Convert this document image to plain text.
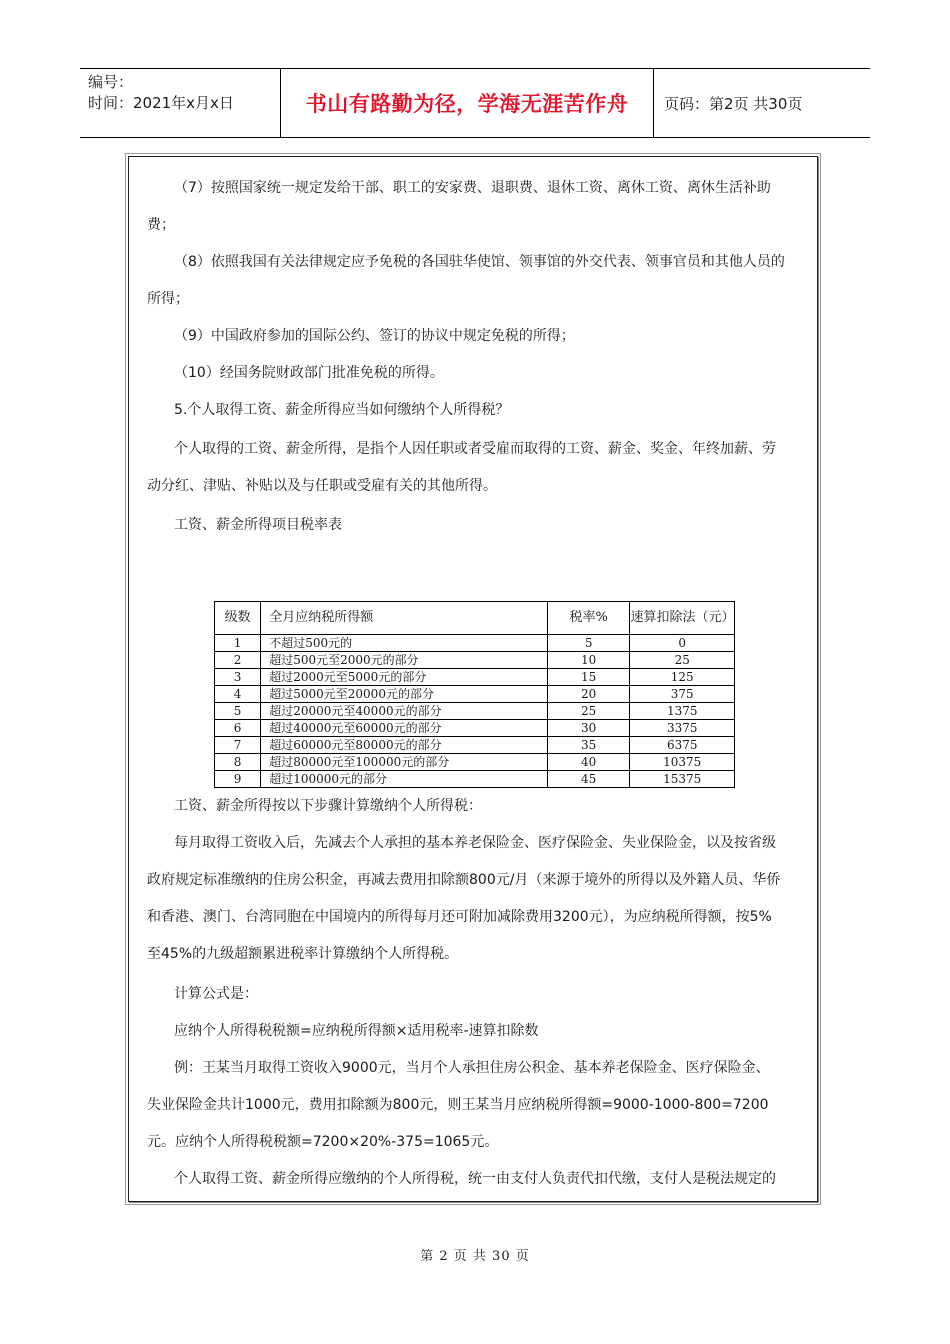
编号：
时间：2021年x月x日	书山有路勤为径，学海无涯苦作舟	页码：第2页 共30页
（7）按照国家统一规定发给干部、职工的安家费、退职费、退休工资、离休工资、离休生活补助
费；
（8）依照我国有关法律规定应予免税的各国驻华使馆、领事馆的外交代表、领事官员和其他人员的
所得；
（9）中国政府参加的国际公约、签订的协议中规定免税的所得；
（10）经国务院财政部门批准免税的所得。
5.个人取得工资、薪金所得应当如何缴纳个人所得税？
个人取得的工资、薪金所得，是指个人因任职或者受雇而取得的工资、薪金、奖金、年终加薪、劳
动分红、津贴、补贴以及与任职或受雇有关的其他所得。
工资、薪金所得项目税率表
级数	全月应纳税所得额	税率%	速算扣除法（元）
1	不超过500元的	5	0
2	超过500元至2000元的部分	10	25
3	超过2000元至5000元的部分	15	125
4	超过5000元至20000元的部分	20	375
5	超过20000元至40000元的部分	25	1375
6	超过40000元至60000元的部分	30	3375
7	超过60000元至80000元的部分	35	6375
8	超过80000元至100000元的部分	40	10375
9	超过100000元的部分	45	15375
工资、薪金所得按以下步骤计算缴纳个人所得税：
每月取得工资收入后，先减去个人承担的基本养老保险金、医疗保险金、失业保险金，以及按省级
政府规定标准缴纳的住房公积金，再减去费用扣除额800元/月（来源于境外的所得以及外籍人员、华侨
和香港、澳门、台湾同胞在中国境内的所得每月还可附加减除费用3200元），为应纳税所得额，按5%
至45%的九级超额累进税率计算缴纳个人所得税。
计算公式是：
应纳个人所得税税额=应纳税所得额×适用税率-速算扣除数
例：王某当月取得工资收入9000元，当月个人承担住房公积金、基本养老保险金、医疗保险金、
失业保险金共计1000元，费用扣除额为800元，则王某当月应纳税所得额=9000-1000-800=7200
元。应纳个人所得税税额=7200×20%-375=1065元。
个人取得工资、薪金所得应缴纳的个人所得税，统一由支付人负责代扣代缴，支付人是税法规定的
第 2 页 共 30 页
